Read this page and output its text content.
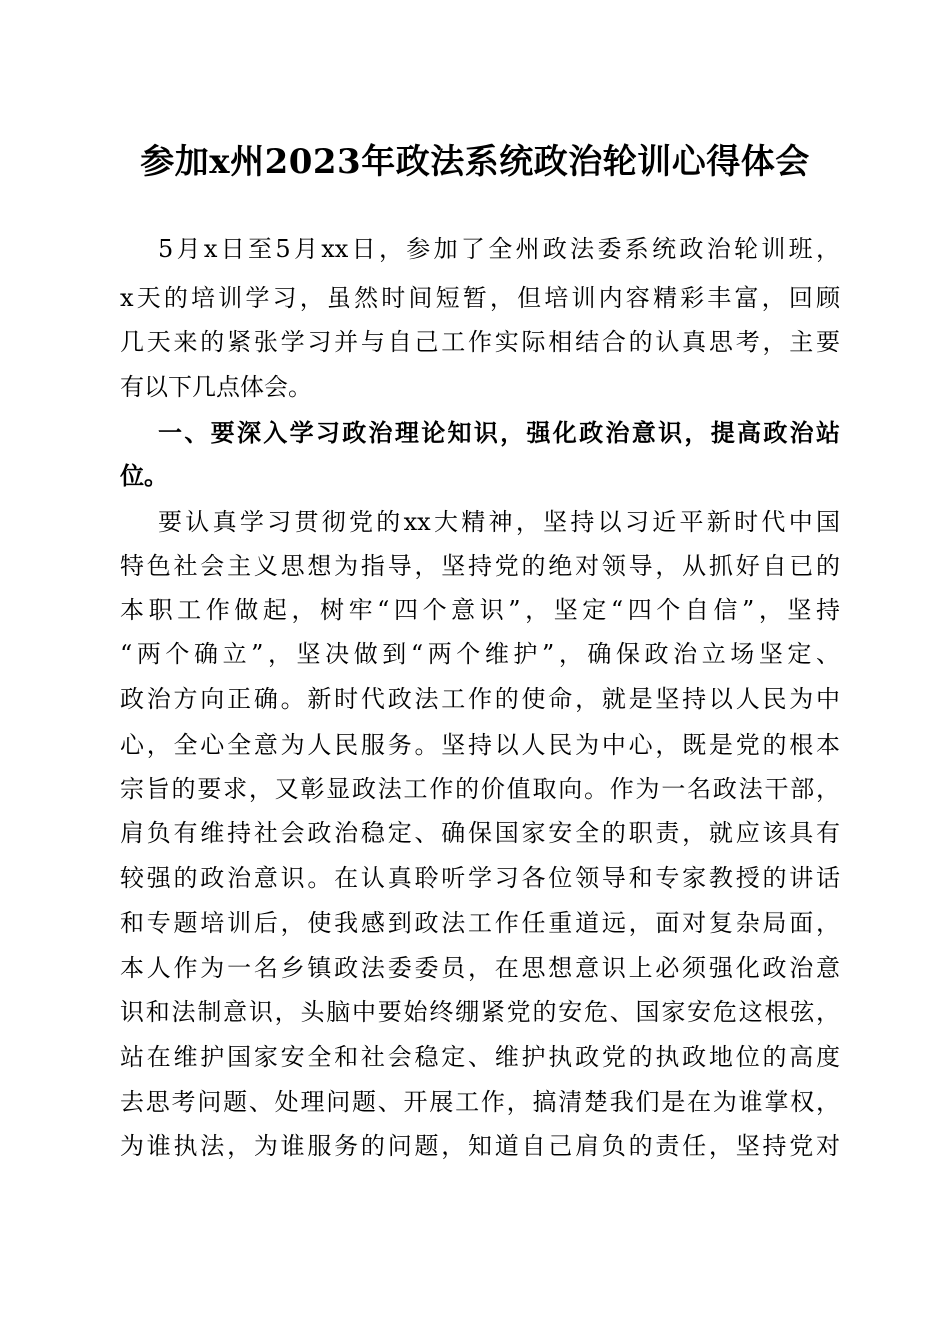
参加x州2023年政法系统政治轮训心得体会
5月x日至5月xx日，参加了全州政法委系统政治轮训班，
x天的培训学习，虽然时间短暂，但培训内容精彩丰富，回顾
几天来的紧张学习并与自己工作实际相结合的认真思考，主要
有以下几点体会。
一、要深入学习政治理论知识，强化政治意识，提高政治站
位。
要认真学习贯彻党的xx大精神，坚持以习近平新时代中国
特色社会主义思想为指导，坚持党的绝对领导，从抓好自已的
本职工作做起，树牢“四个意识”，坚定“四个自信”，坚持
“两个确立”，坚决做到“两个维护”，确保政治立场坚定、
政治方向正确。新时代政法工作的使命，就是坚持以人民为中
心，全心全意为人民服务。坚持以人民为中心，既是党的根本
宗旨的要求，又彰显政法工作的价值取向。作为一名政法干部，
肩负有维持社会政治稳定、确保国家安全的职责，就应该具有
较强的政治意识。在认真聆听学习各位领导和专家教授的讲话
和专题培训后，使我感到政法工作任重道远，面对复杂局面，
本人作为一名乡镇政法委委员，在思想意识上必须强化政治意
识和法制意识，头脑中要始终绷紧党的安危、国家安危这根弦，
站在维护国家安全和社会稳定、维护执政党的执政地位的高度
去思考问题、处理问题、开展工作，搞清楚我们是在为谁掌权，
为谁执法，为谁服务的问题，知道自己肩负的责任，坚持党对
